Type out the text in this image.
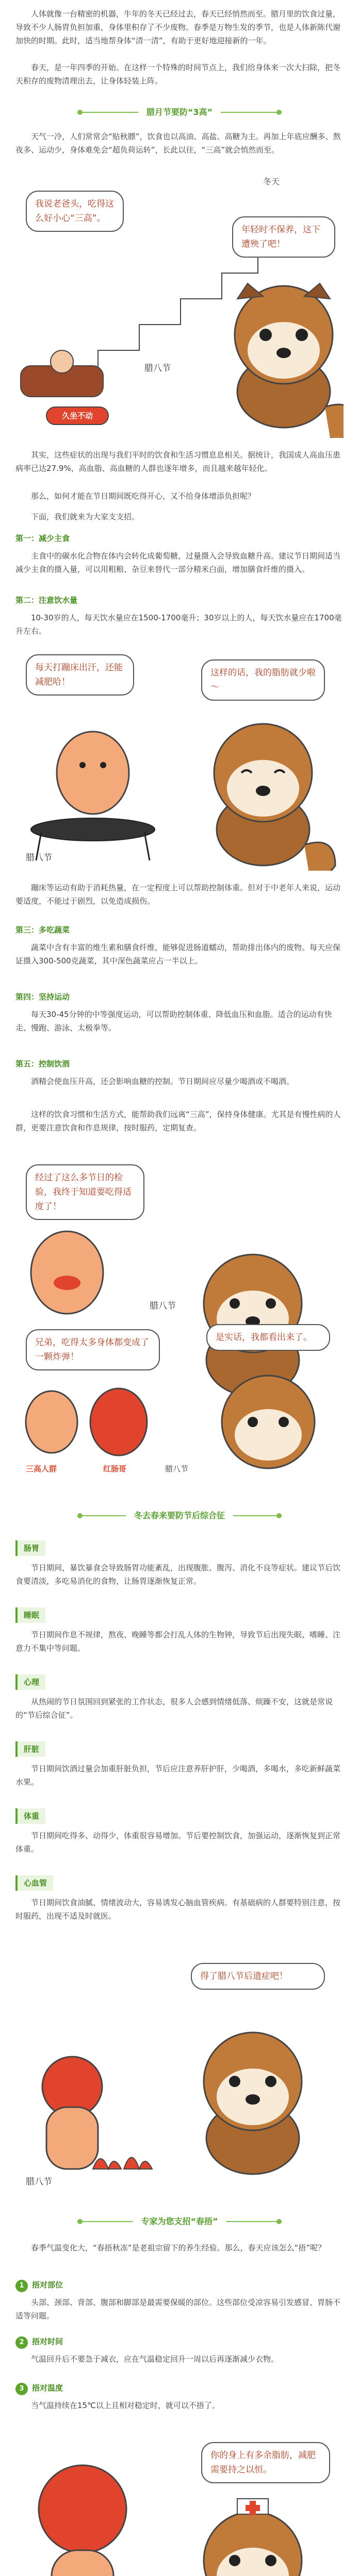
人体就像一台精密的机器，牛年的冬天已经过去，春天已经悄然而至。腊月里的饮食过量，导致不少人肠胃负担加重，身体里积存了不少废物。春季是万物生发的季节，也是人体新陈代谢加快的时期。此时，适当地帮身体“清一清”，有助于更好地迎接新的一年。

春天，是一年四季的开始。在这样一个特殊的时间节点上，我们给身体来一次大扫除，把冬天积存的废物清理出去，让身体轻装上阵。

腊月节要防“3高”

天气一冷，人们常常会“贴秋膘”，饮食也以高油、高盐、高糖为主。再加上年底应酬多、熬夜多、运动少，身体难免会“超负荷运转”，长此以往，“三高”就会悄然而至。

我说老爸头，吃得这么好小心“三高”。
年轻时不保养，这下遭殃了吧！
冬天
久坐不动
腊八节

其实，这些症状的出现与我们平时的饮食和生活习惯息息相关。据统计，我国成人高血压患病率已达27.9%，高血脂、高血糖的人群也逐年增多，而且越来越年轻化。

那么，如何才能在节日期间既吃得开心，又不给身体增添负担呢？

下面，我们就来为大家支支招。

第一：减少主食

主食中的碳水化合物在体内会转化成葡萄糖，过量摄入会导致血糖升高。建议节日期间适当减少主食的摄入量，可以用粗粮、杂豆来替代一部分精米白面，增加膳食纤维的摄入。

第二：注意饮水量

10-30岁的人，每天饮水量应在1500-1700毫升；30岁以上的人，每天饮水量应在1700毫升左右。

每天打蹦床出汗，还能减肥哈！
这样的话，我的脂肪就少啦～
腊八节

蹦床等运动有助于消耗热量，在一定程度上可以帮助控制体重。但对于中老年人来说，运动要适度，不能过于剧烈，以免造成损伤。

第三：多吃蔬菜

蔬菜中含有丰富的维生素和膳食纤维，能够促进肠道蠕动，帮助排出体内的废物。每天应保证摄入300-500克蔬菜，其中深色蔬菜应占一半以上。

第四：坚持运动

每天30-45分钟的中等强度运动，可以帮助控制体重、降低血压和血脂。适合的运动有快走、慢跑、游泳、太极拳等。

第五：控制饮酒

酒精会使血压升高，还会影响血糖的控制。节日期间应尽量少喝酒或不喝酒。

这样的饮食习惯和生活方式，能帮助我们远离“三高”，保持身体健康。尤其是有慢性病的人群，更要注意饮食和作息规律，按时服药，定期复查。

经过了这么多节日的检验，我终于知道要吃得适度了！
兄弟，吃得太多身体都变成了一颗炸弹！
是实话，我都看出来了。
腊八节
三高人群	红肠哥	腊八节
冬去春来要防节后综合征
肠胃

节日期间，暴饮暴食会导致肠胃功能紊乱，出现腹胀、腹泻、消化不良等症状。建议节后饮食要清淡，多吃易消化的食物，让肠胃逐渐恢复正常。

睡眠

节日期间作息不规律，熬夜、晚睡等都会打乱人体的生物钟，导致节后出现失眠、嗜睡、注意力不集中等问题。

心理

从热闹的节日氛围回到紧张的工作状态，很多人会感到情绪低落、烦躁不安，这就是常说的“节后综合征”。

肝脏

节日期间饮酒过量会加重肝脏负担，节后应注意养肝护肝，少喝酒，多喝水，多吃新鲜蔬菜水果。

体重

节日期间吃得多、动得少，体重很容易增加。节后要控制饮食，加强运动，逐渐恢复到正常体重。

心血管

节日期间饮食油腻、情绪波动大，容易诱发心脑血管疾病。有基础病的人群要特别注意，按时服药，出现不适及时就医。

得了腊八节后遗症吧！
腊八节
专家为您支招“春捂”

春季气温变化大，“春捂秋冻”是老祖宗留下的养生经验。那么，春天应该怎么“捂”呢？

1 捂对部位

头部、颈部、背部、腹部和脚部是最需要保暖的部位。这些部位受凉容易引发感冒、胃肠不适等问题。

2 捂对时间

气温回升后不要急于减衣，应在气温稳定回升一周以后再逐渐减少衣物。

3 捂对温度

当气温持续在15℃以上且相对稳定时，就可以不捂了。

你的身上有多余脂肪，减肥需要持之以恒。
